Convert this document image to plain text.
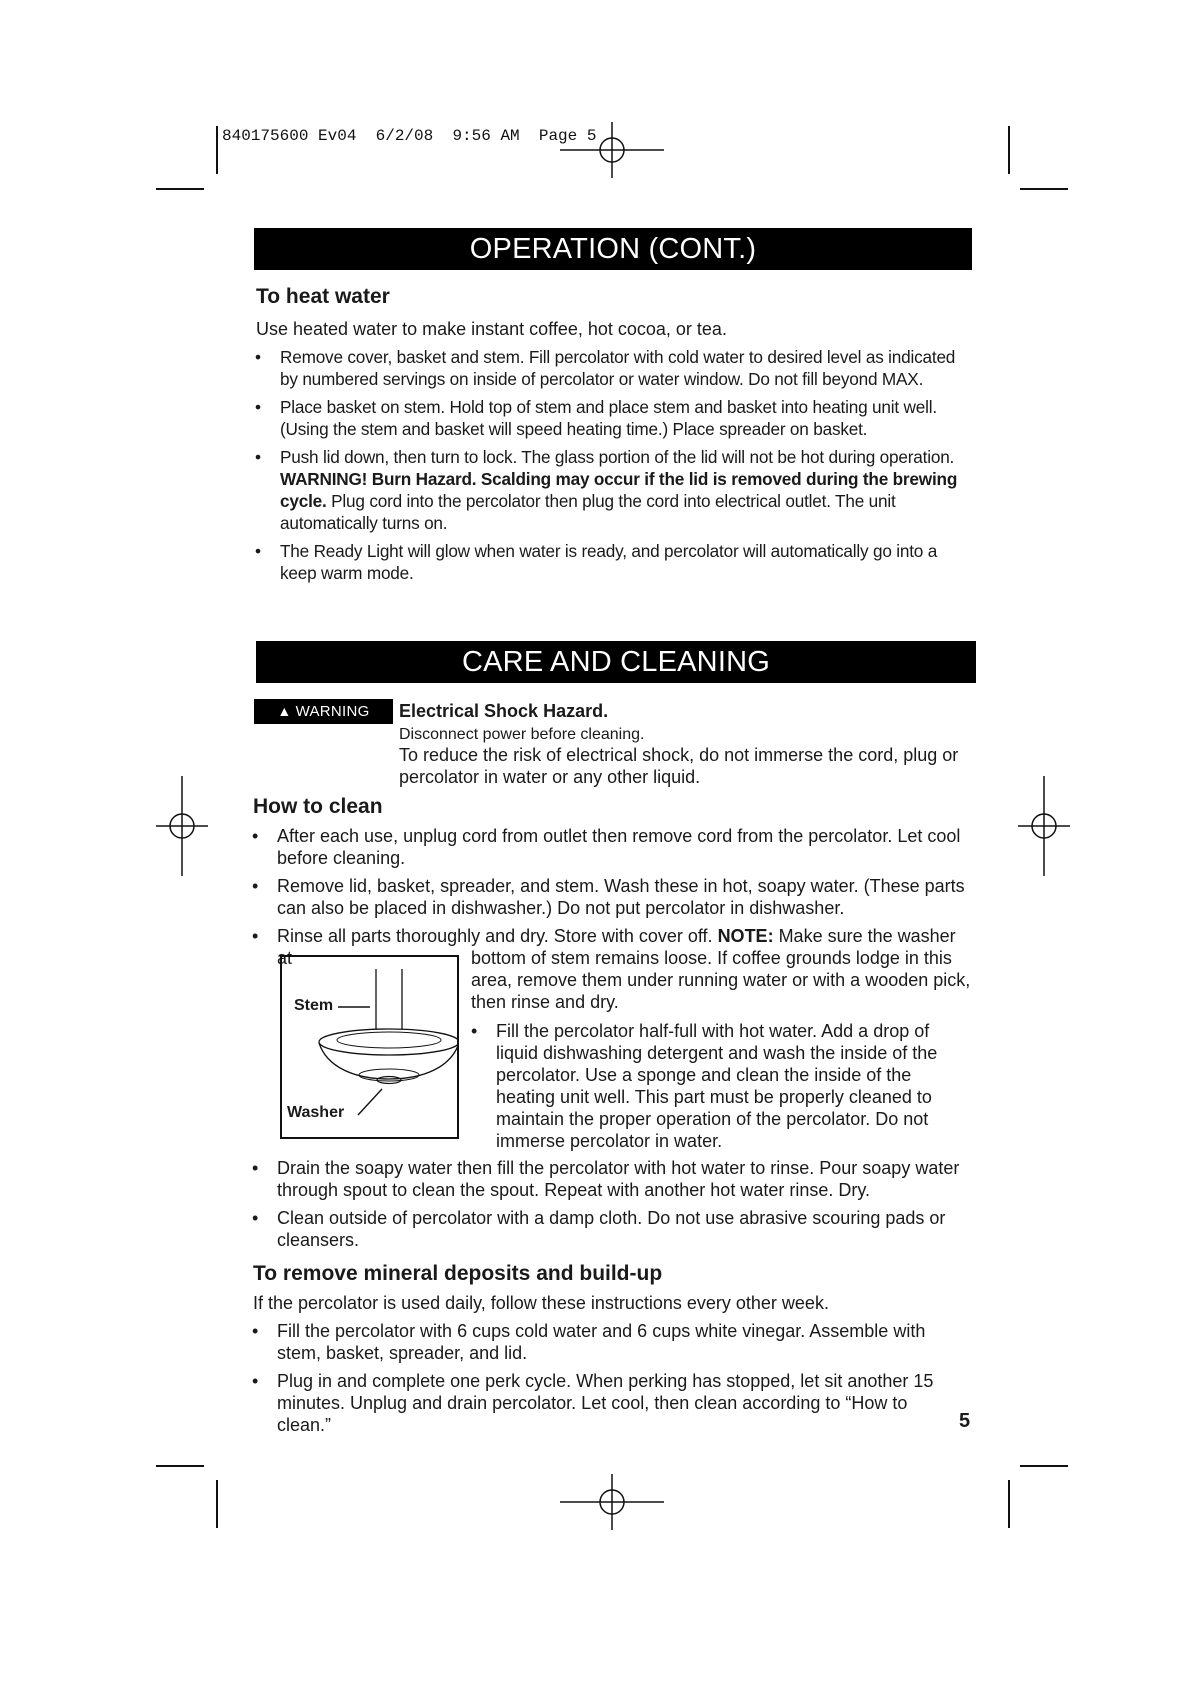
840175600 Ev04  6/2/08  9:56 AM  Page 5
OPERATION (CONT.)
To heat water

Use heated water to make instant coffee, hot cocoa, or tea.

•	Remove cover, basket and stem. Fill percolator with cold water to desired level as indicated by numbered servings on inside of percolator or water window. Do not fill beyond MAX.
•	Place basket on stem. Hold top of stem and place stem and basket into heating unit well. (Using the stem and basket will speed heating time.) Place spreader on basket.
•	Push lid down, then turn to lock. The glass portion of the lid will not be hot during operation. WARNING! Burn Hazard. Scalding may occur if the lid is removed during the brewing cycle. Plug cord into the percolator then plug the cord into electrical outlet. The unit automatically turns on.
•	The Ready Light will glow when water is ready, and percolator will automatically go into a keep warm mode.
CARE AND CLEANING
▲ WARNING	Electrical Shock Hazard.
Disconnect power before cleaning.
To reduce the risk of electrical shock, do not immerse the cord, plug or percolator in water or any other liquid.
How to clean
•	After each use, unplug cord from outlet then remove cord from the percolator. Let cool before cleaning.
•	Remove lid, basket, spreader, and stem. Wash these in hot, soapy water. (These parts can also be placed in dishwasher.) Do not put percolator in dishwasher.
•	Rinse all parts thoroughly and dry. Store with cover off. NOTE: Make sure the washer at	bottom of stem remains loose. If coffee grounds lodge in this area, remove them under running water or with a wooden pick, then rinse and dry.
•	Fill the percolator half-full with hot water. Add a drop of liquid dishwashing detergent and wash the inside of the percolator. Use a sponge and clean the inside of the heating unit well. This part must be properly cleaned to maintain the proper operation of the percolator. Do not immerse percolator in water.
Stem
Washer
•	Drain the soapy water then fill the percolator with hot water to rinse. Pour soapy water through spout to clean the spout. Repeat with another hot water rinse. Dry.
•	Clean outside of percolator with a damp cloth. Do not use abrasive scouring pads or cleansers.
To remove mineral deposits and build-up

If the percolator is used daily, follow these instructions every other week.

•	Fill the percolator with 6 cups cold water and 6 cups white vinegar. Assemble with stem, basket, spreader, and lid.
•	Plug in and complete one perk cycle. When perking has stopped, let sit another 15 minutes. Unplug and drain percolator. Let cool, then clean according to “How to clean.”	5
